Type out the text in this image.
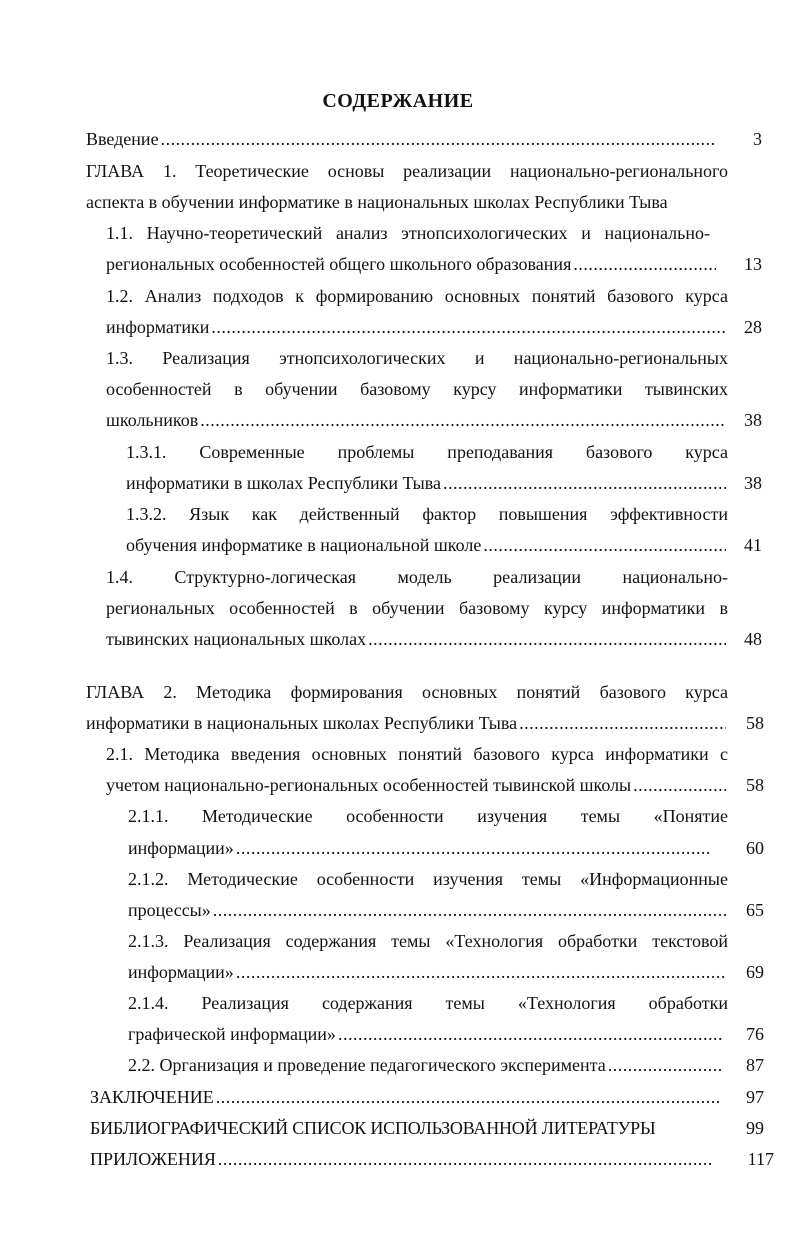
СОДЕРЖАНИЕ
Введение . . .	3
ГЛАВА 1. Теоретические основы реализации национально-регионального
аспекта в обучении информатике в национальных школах Республики Тыва
1.1. Научно-теоретический анализ этнопсихологических и национально-
региональных особенностей общего школьного образования . . .	13
1.2. Анализ подходов к формированию основных понятий базового курса
информатики . . .	28
1.3. Реализация этнопсихологических и национально-региональных
особенностей в обучении базовому курсу информатики тывинских
школьников . . .	38
1.3.1. Современные проблемы преподавания базового курса
информатики в школах Республики Тыва . . .	38
1.3.2. Язык как действенный фактор повышения эффективности
обучения информатике в национальной школе . . .	41
1.4. Структурно-логическая модель реализации национально-
региональных особенностей в обучении базовому курсу информатики в
тывинских национальных школах . . .	48
ГЛАВА 2. Методика формирования основных понятий базового курса
информатики в национальных школах Республики Тыва . . .	58
2.1. Методика введения основных понятий базового курса информатики с
учетом национально-региональных особенностей тывинской школы . . .	58
2.1.1. Методические особенности изучения темы «Понятие
информации» . . .	60
2.1.2. Методические особенности изучения темы «Информационные
процессы» . . .	65
2.1.3. Реализация содержания темы «Технология обработки текстовой
информации» . . .	69
2.1.4. Реализация содержания темы «Технология обработки
графической информации» . . .	76
2.2. Организация и проведение педагогического эксперимента . . .	87
ЗАКЛЮЧЕНИЕ . . .	97
БИБЛИОГРАФИЧЕСКИЙ СПИСОК ИСПОЛЬЗОВАННОЙ ЛИТЕРАТУРЫ	99
ПРИЛОЖЕНИЯ . . .	117
